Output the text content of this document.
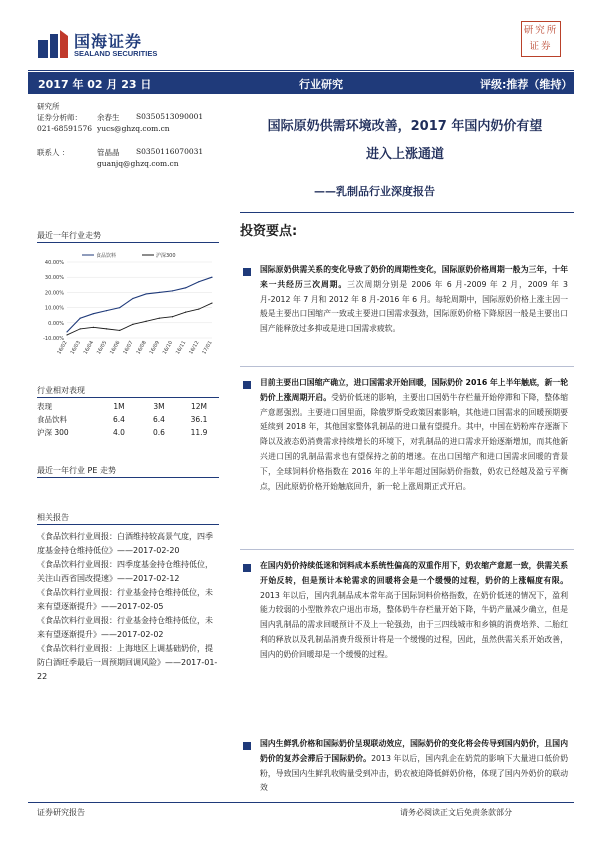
国海证券
SEALAND SECURITIES
研究所
证券
2017 年 02 月 23 日	行业研究	评级:推荐（维持）
研究所
证券分析师： 余春生 S0350513090001
021-68591576 yucs@ghzq.com.cn
联系人 ：	管晶晶 S0350116070031
guanjq@ghzq.com.cn
最近一年行业走势
40.00%
30.00%
20.00%
10.00%
0.00%
-10.00%
16/02 16/03 16/04 16/05 16/06 16/07 16/08 16/09 16/10 16/11 16/12 17/01
食品饮料	沪深300
行业相对表现
表现	1M	3M	12M
食品饮料	6.4	6.4	36.1
沪深 300	4.0	0.6	11.9
最近一年行业 PE 走势
相关报告
《食品饮料行业周报：白酒维持较高景气度，四季度基金持仓维持低位》——2017-02-20
《食品饮料行业周报：四季度基金持仓维持低位，关注山西省国改提速》——2017-02-12
《食品饮料行业周报：行业基金持仓维持低位，未来有望逐渐提升》——2017-02-05
《食品饮料行业周报：行业基金持仓维持低位，未来有望逐渐提升》——2017-02-02
《食品饮料行业周报：上海地区上调基础奶价，提防白酒旺季最后一周预期回调风险》——2017-01-22
国际原奶供需环境改善，2017 年国内奶价有望
进入上涨通道
——乳制品行业深度报告
投资要点:
国际原奶供需关系的变化导致了奶价的周期性变化，国际原奶价格周期一般为三年，十年来一共经历三次周期。三次周期分别是 2006 年 6 月-2009 年 2 月，2009 年 3 月-2012 年 7 月和 2012 年 8 月-2016 年 6 月。每轮周期中，国际原奶价格上涨主因一般是主要出口国缩产一致或主要进口国需求强劲，国际原奶价格下降原因一般是主要出口国产能释放过多抑或是进口国需求疲软。
目前主要出口国缩产确立，进口国需求开始回暖，国际奶价 2016 年上半年触底，新一轮奶价上涨周期开启。受奶价低迷的影响，主要出口国奶牛存栏量开始停滞和下降，整体缩产意愿强烈。主要进口国里面，除俄罗斯受政策因素影响，其他进口国需求的回暖预期要延续到 2018 年，其他国家整体乳制品的进口量有望提升。其中，中国在奶粉库存逐渐下降以及液态奶消费需求持续增长的环境下，对乳制品的进口需求开始逐渐增加，而其他新兴进口国的乳制品需求也有望保持之前的增速。在出口国缩产和进口国需求回暖的背景下，全球饲料价格指数在 2016 年的上半年超过国际奶价指数，奶农已经越及盈亏平衡点，因此原奶价格开始触底回升，新一轮上涨周期正式开启。
在国内奶价持续低迷和饲料成本系统性偏高的双重作用下，奶农缩产意愿一致，供需关系开始反转，但是预计本轮需求的回暖将会是一个缓慢的过程，奶价的上涨幅度有限。2013 年以后，国内乳制品成本常年高于国际饲料价格指数，在奶价低迷的情况下，盈利能力较弱的小型散养农户退出市场，整体奶牛存栏量开始下降，牛奶产量减少确立，但是国内乳制品的需求回暖预计不及上一轮强劲，由于三四线城市和乡镇的消费培养、二胎红利的释放以及乳制品消费升级预计将是一个缓慢的过程，因此，虽然供需关系开始改善，国内的奶价回暖却是一个缓慢的过程。
国内生鲜乳价格和国际奶价呈现联动效应，国际奶价的变化将会传导到国内奶价，且国内奶价的复苏会滞后于国际奶价。2013 年以后，国内乳企在奶荒的影响下大量进口低价奶粉，导致国内生鲜乳收购量受到冲击，奶农被迫降低鲜奶价格，体现了国内外奶价的联动效
证券研究报告	请务必阅读正文后免责条款部分
